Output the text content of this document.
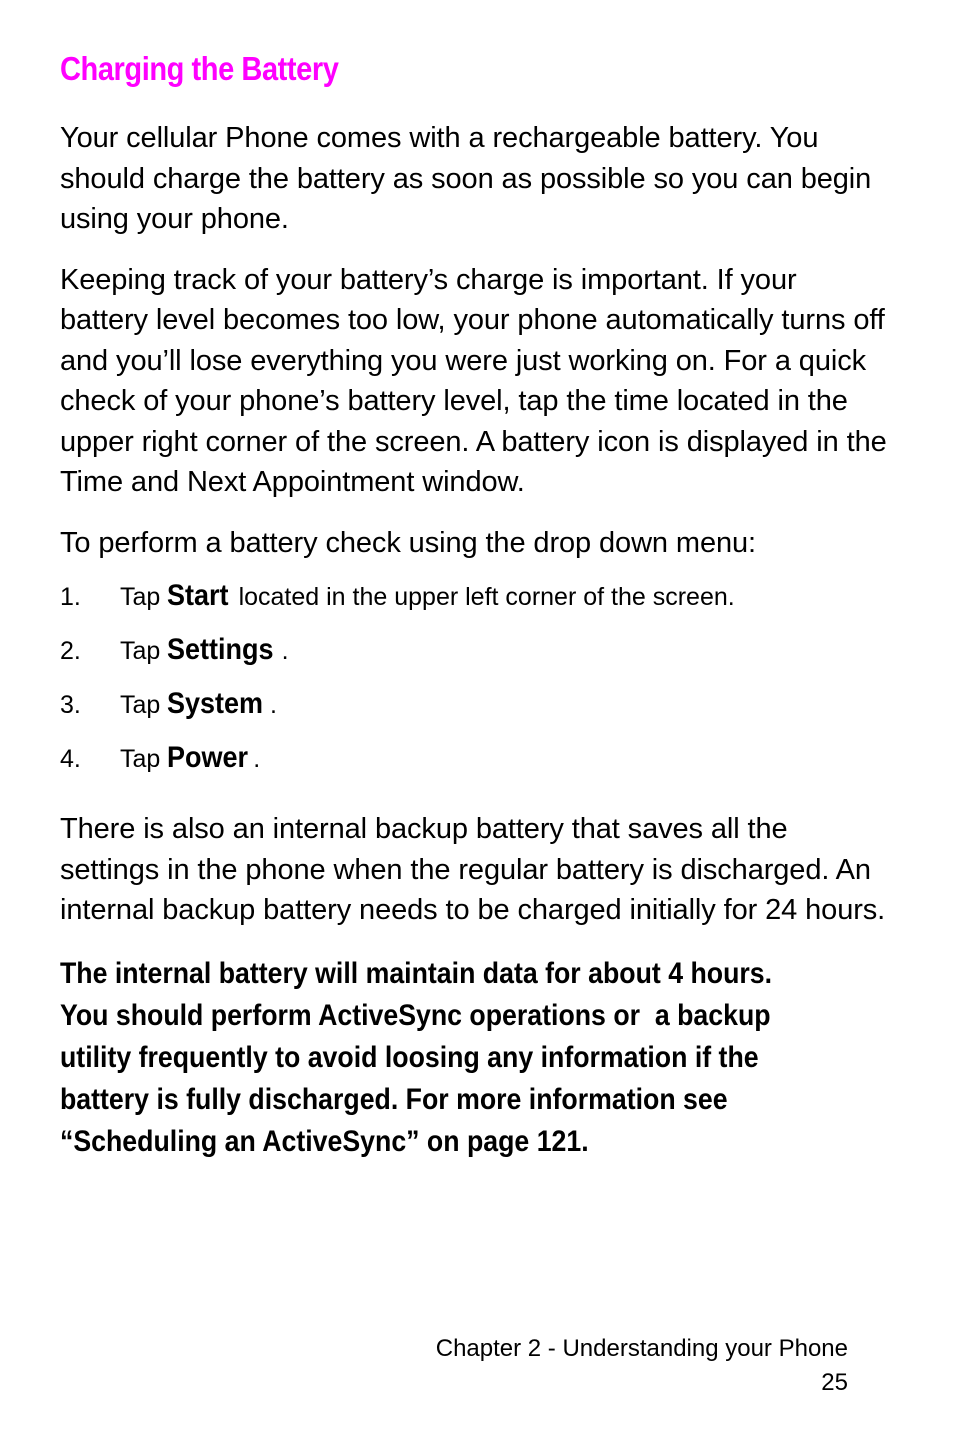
Charging the Battery

Your cellular Phone comes with a rechargeable battery. You should charge the battery as soon as possible so you can begin using your phone.

Keeping track of your battery’s charge is important. If your battery level becomes too low, your phone automatically turns off and you’ll lose everything you were just working on. For a quick check of your phone’s battery level, tap the time located in the upper right corner of the screen. A battery icon is displayed in the Time and Next Appointment window.

To perform a battery check using the drop down menu:

1.	Tap Start located in the upper left corner of the screen.
2.	Tap Settings .
3.	Tap System .
4.	Tap Power .

There is also an internal backup battery that saves all the settings in the phone when the regular battery is discharged. An internal backup battery needs to be charged initially for 24 hours.

The internal battery will maintain data for about 4 hours.
You should perform ActiveSync operations or  a backup
utility frequently to avoid loosing any information if the
battery is fully discharged. For more information see
“Scheduling an ActiveSync” on page 121.
Chapter 2 - Understanding your Phone
25
